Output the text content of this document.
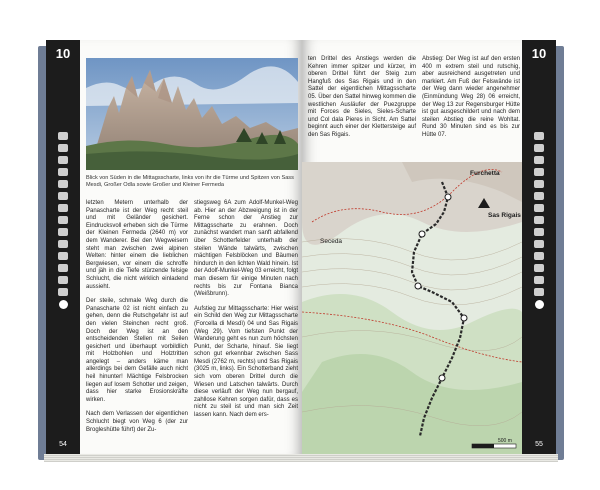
10
54
Blick von Süden in die Mittagsscharte, links von ihr die Türme und Spitzen von Sass Mesdi, Großer Odla sowie Großer und Kleiner Fermeda

letzten Metern unterhalb der Panascharte ist der Weg recht steil und mit Geländer gesichert. Eindrucksvoll erheben sich die Türme der Kleinen Fermeda (2640 m) vor dem Wanderer. Bei den Wegweisern steht man zwischen zwei alpinen Welten: hinter einem die lieblichen Bergwiesen, vor einem die schroffe und jäh in die Tiefe stürzende felsige Schlucht, die nicht wirklich einladend aussieht.

Der steile, schmale Weg durch die Panascharte 02 ist nicht einfach zu gehen, denn die Rutschgefahr ist auf den vielen Steinchen recht groß. Doch der Weg ist an den entscheidenden Stellen mit Seilen gesichert und überhaupt vorbildlich mit Holzbohlen und Holztritten angelegt – anders käme man allerdings bei dem Gefälle auch nicht heil hinunter! Mächtige Felsbrocken liegen auf losem Schotter und zeigen, dass hier starke Erosionskräfte wirken.

Nach dem Verlassen der eigentlichen Schlucht biegt von Weg 6 (der zur Brogleshütte führt) der Zu-

stiegsweg 6A zum Adolf-Munkel-Weg ab. Hier an der Abzweigung ist in der Ferne schon der Anstieg zur Mittagsscharte zu erahnen. Doch zunächst wandert man sanft abfallend über Schotterfelder unterhalb der steilen Wände talwärts, zwischen mächtigen Felsblöcken und Bäumen hindurch in den lichten Wald hinein. Ist der Adolf-Munkel-Weg 03 erreicht, folgt man diesem für einige Minuten nach rechts bis zur Fontana Bianca (Weißbrunn).

Aufstieg zur Mittagsscharte: Hier weist ein Schild den Weg zur Mittagsscharte (Forcella di Mesdì) 04 und Sas Rigais (Weg 29). Vom tiefsten Punkt der Wanderung geht es nun zum höchsten Punkt, der Scharte, hinauf. Sie liegt schon gut erkennbar zwischen Sass Mesdi (2762 m, rechts) und Sas Rigais (3025 m, links). Ein Schotterband zieht sich vom oberen Drittel durch die Wiesen und Latschen talwärts. Durch diese verläuft der Weg nun bergauf, zahllose Kehren sorgen dafür, dass es nicht zu steil ist und man sich Zeit lassen kann. Nach dem ers-

ten Drittel des Anstiegs werden die Kehren immer spitzer und kürzer, im oberen Drittel führt der Steig zum Hangfuß des Sas Rigais und in den Sattel der eigentlichen Mittagsscharte 05. Über den Sattel hinweg kommen die westlichen Ausläufer der Puezgruppe mit Forces de Sieles, Sieles-Scharte und Col dala Pieres in Sicht. Am Sattel beginnt auch einer der Klettersteige auf den Sas Rigais.

Abstieg: Der Weg ist auf den ersten 400 m extrem steil und rutschig, aber ausreichend ausgetreten und markiert. Am Fuß der Felswände ist der Weg dann wieder angenehmer (Einmündung Weg 28) 06 erreicht, der Weg 13 zur Regensburger Hütte ist gut ausgeschildert und nach dem steilen Abstieg die reine Wohltat. Rund 30 Minuten sind es bis zur Hütte 07.

Furchetta
Sas Rigais
Seceda
500 m
10
55
